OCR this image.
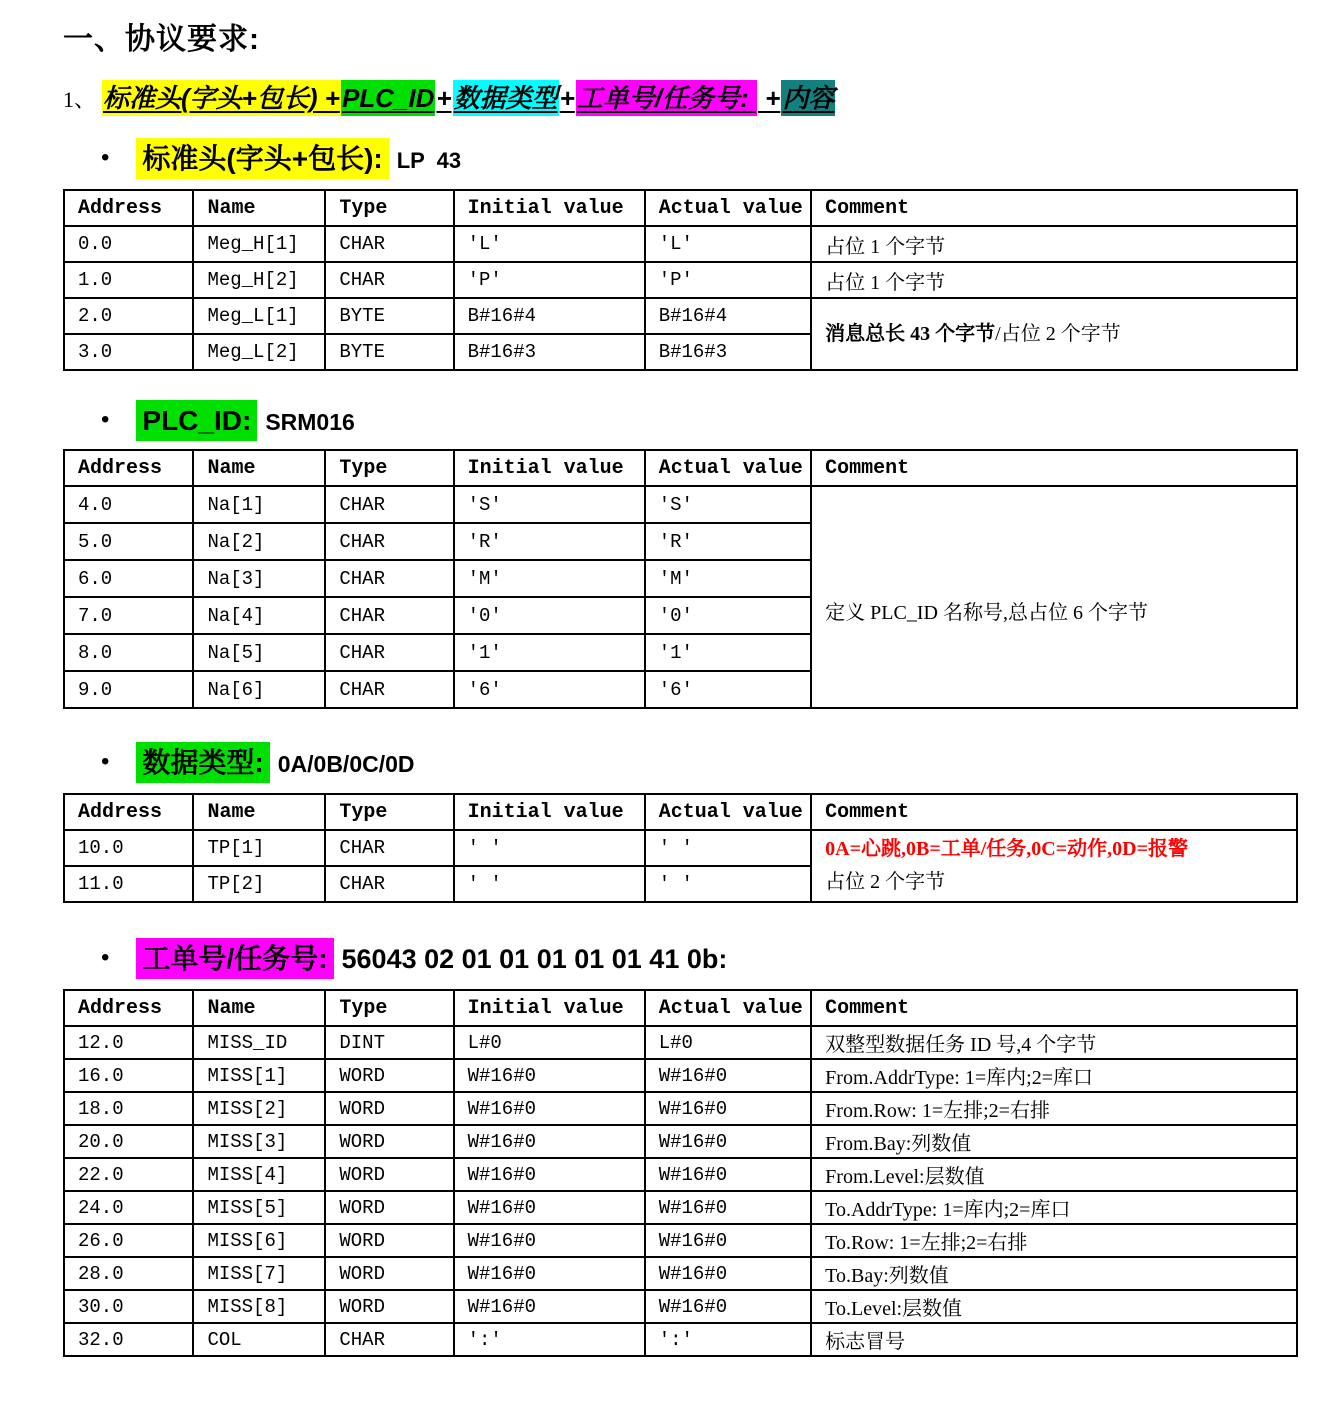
一、协议要求:

1、 标准头(字头+包长) +PLC_ID+数据类型+工单号/任务号:  +内容

• 标准头(字头+包长): LP  43
Address	Name	Type	Initial value	Actual value	Comment
0.0	Meg_H[1]	CHAR	'L'	'L'	占位 1 个字节
1.0	Meg_H[2]	CHAR	'P'	'P'	占位 1 个字节
2.0	Meg_L[1]	BYTE	B#16#4	B#16#4	消息总长 43 个字节/占位 2 个字节

3.0	Meg_L[2]	BYTE	B#16#3	B#16#3	
• PLC_ID: SRM016
Address	Name	Type	Initial value	Actual value	Comment
4.0	Na[1]	CHAR	'S'	'S'	定义 PLC_ID 名称号,总占位 6 个字节

5.0	Na[2]	CHAR	'R'	'R'	
6.0	Na[3]	CHAR	'M'	'M'	
7.0	Na[4]	CHAR	'0'	'0'	
8.0	Na[5]	CHAR	'1'	'1'	
9.0	Na[6]	CHAR	'6'	'6'	
• 数据类型: 0A/0B/0C/0D
Address	Name	Type	Initial value	Actual value	Comment
10.0	TP[1]	CHAR	' '	' '	0A=心跳,0B=工单/任务,0C=动作,0D=报警
占位 2 个字节

11.0	TP[2]	CHAR	' '	' '	
• 工单号/任务号: 56043 02 01 01 01 01 01 41 0b:
Address	Name	Type	Initial value	Actual value	Comment
12.0	MISS_ID	DINT	L#0	L#0	双整型数据任务 ID 号,4 个字节
16.0	MISS[1]	WORD	W#16#0	W#16#0	From.AddrType: 1=库内;2=库口
18.0	MISS[2]	WORD	W#16#0	W#16#0	From.Row: 1=左排;2=右排
20.0	MISS[3]	WORD	W#16#0	W#16#0	From.Bay:列数值
22.0	MISS[4]	WORD	W#16#0	W#16#0	From.Level:层数值
24.0	MISS[5]	WORD	W#16#0	W#16#0	To.AddrType: 1=库内;2=库口
26.0	MISS[6]	WORD	W#16#0	W#16#0	To.Row: 1=左排;2=右排
28.0	MISS[7]	WORD	W#16#0	W#16#0	To.Bay:列数值
30.0	MISS[8]	WORD	W#16#0	W#16#0	To.Level:层数值
32.0	COL	CHAR	':'	':'	标志冒号
